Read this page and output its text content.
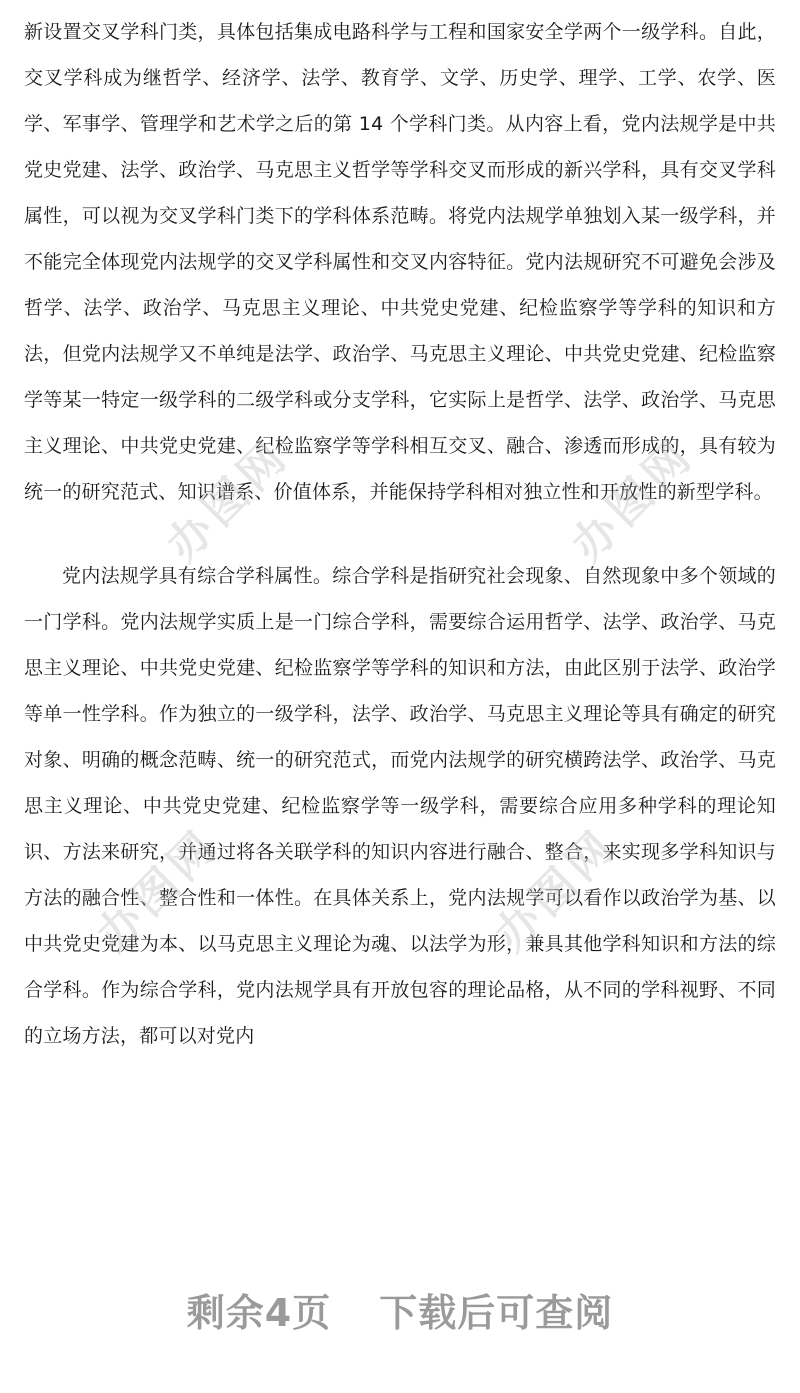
新设置交叉学科门类，具体包括集成电路科学与工程和国家安全学两个一级学科。自此，交叉学科成为继哲学、经济学、法学、教育学、文学、历史学、理学、工学、农学、医学、军事学、管理学和艺术学之后的第 14 个学科门类。从内容上看，党内法规学是中共党史党建、法学、政治学、马克思主义哲学等学科交叉而形成的新兴学科，具有交叉学科属性，可以视为交叉学科门类下的学科体系范畴。将党内法规学单独划入某一级学科，并不能完全体现党内法规学的交叉学科属性和交叉内容特征。党内法规研究不可避免会涉及哲学、法学、政治学、马克思主义理论、中共党史党建、纪检监察学等学科的知识和方法，但党内法规学又不单纯是法学、政治学、马克思主义理论、中共党史党建、纪检监察学等某一特定一级学科的二级学科或分支学科，它实际上是哲学、法学、政治学、马克思主义理论、中共党史党建、纪检监察学等学科相互交叉、融合、渗透而形成的，具有较为统一的研究范式、知识谱系、价值体系，并能保持学科相对独立性和开放性的新型学科。

党内法规学具有综合学科属性。综合学科是指研究社会现象、自然现象中多个领域的一门学科。党内法规学实质上是一门综合学科，需要综合运用哲学、法学、政治学、马克思主义理论、中共党史党建、纪检监察学等学科的知识和方法，由此区别于法学、政治学等单一性学科。作为独立的一级学科，法学、政治学、马克思主义理论等具有确定的研究对象、明确的概念范畴、统一的研究范式，而党内法规学的研究横跨法学、政治学、马克思主义理论、中共党史党建、纪检监察学等一级学科，需要综合应用多种学科的理论知识、方法来研究，并通过将各关联学科的知识内容进行融合、整合，来实现多学科知识与方法的融合性、整合性和一体性。在具体关系上，党内法规学可以看作以政治学为基、以中共党史党建为本、以马克思主义理论为魂、以法学为形，兼具其他学科知识和方法的综合学科。作为综合学科，党内法规学具有开放包容的理论品格，从不同的学科视野、不同的立场方法，都可以对党内

办图网	办图网
办图网	办图网
剩余4页 下载后可查阅
